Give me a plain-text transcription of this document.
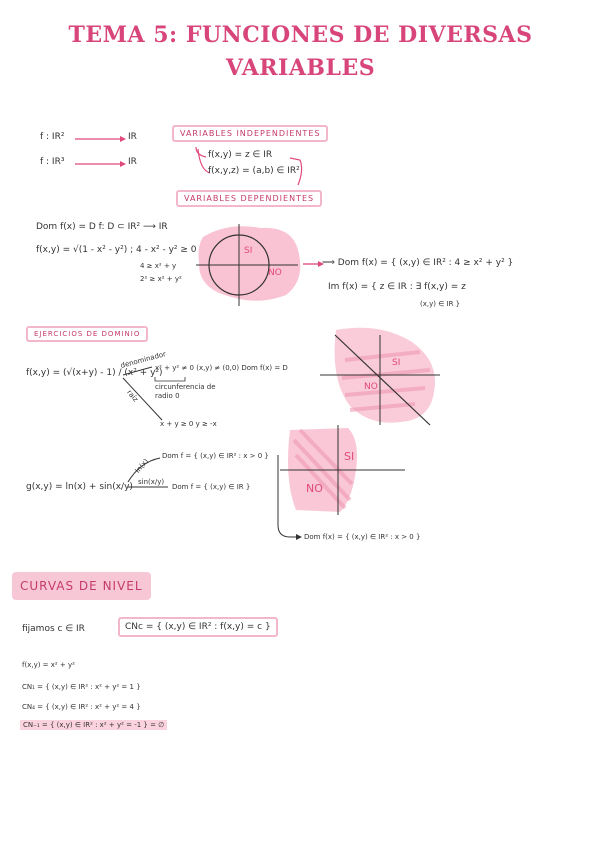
TEMA 5: FUNCIONES DE DIVERSAS
VARIABLES
f : IR²	IR
f : IR³	IR
VARIABLES INDEPENDIENTES
f(x,y) = z ∈ IR
f(x,y,z) = (a,b) ∈ IR²
VARIABLES DEPENDIENTES
Dom f(x) = D f: D ⊂ IR² ⟶ IR
f(x,y) = √(1 - x² - y²) ; 4 - x² - y² ≥ 0
4 ≥ x² + y
2² ≥ x² + y²
SI
NO
⟹ Dom f(x) = { (x,y) ∈ IR² : 4 ≥ x² + y² }
Im f(x) = { z ∈ IR : ∃ f(x,y) = z
(x,y) ∈ IR }
EJERCICIOS DE DOMINIO
f(x,y) = (√(x+y) - 1) / (x² + y²)
denominador
x² + y² ≠ 0 (x,y) ≠ (0,0) Dom f(x) = D
circunferencia de
radio 0
raíz
x + y ≥ 0 y ≥ -x
SI
NO
g(x,y) = ln(x) + sin(x/y)
ln(x)
sin(x/y)
Dom f = { (x,y) ∈ IR² : x > 0 }
Dom f = { (x,y) ∈ IR }
SI
NO
Dom f(x) = { (x,y) ∈ IR² : x > 0 }
CURVAS DE NIVEL
fijamos c ∈ IR	CNc = { (x,y) ∈ IR² : f(x,y) = c }
f(x,y) = x² + y²
CN₁ = { (x,y) ∈ IR² : x² + y² = 1 }
CN₄ = { (x,y) ∈ IR² : x² + y² = 4 }
CN₋₁ = { (x,y) ∈ IR² : x² + y² = -1 } = ∅
